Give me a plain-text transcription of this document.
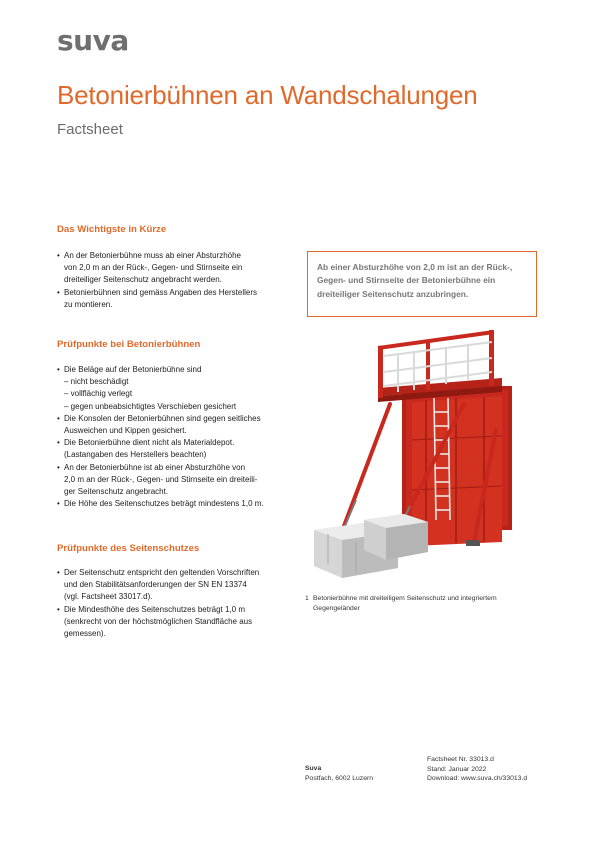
suva
Betonierbühnen an Wandschalungen
Factsheet
Das Wichtigste in Kürze
• An der Betonierbühne muss ab einer Absturzhöhe
von 2,0 m an der Rück-, Gegen- und Stirnseite ein
dreiteiliger Seitenschutz angebracht werden.
• Betonierbühnen sind gemäss Angaben des Herstellers
zu montieren.
Prüfpunkte bei Betonierbühnen
• Die Beläge auf der Betonierbühne sind
– nicht beschädigt
– vollflächig verlegt
– gegen unbeabsichtigtes Verschieben gesichert
• Die Konsolen der Betonierbühnen sind gegen seitliches
Ausweichen und Kippen gesichert.
• Die Betonierbühne dient nicht als Materialdepot.
(Lastangaben des Herstellers beachten)
• An der Betonierbühne ist ab einer Absturzhöhe von
2,0 m an der Rück-, Gegen- und Stirnseite ein dreiteili-
ger Seitenschutz angebracht.
• Die Höhe des Seitenschutzes beträgt mindestens 1,0 m.
Prüfpunkte des Seitenschutzes
• Der Seitenschutz entspricht den geltenden Vorschriften
und den Stabilitätsanforderungen der SN EN 13374
(vgl. Factsheet 33017.d).
• Die Mindesthöhe des Seitenschutzes beträgt 1,0 m
(senkrecht von der höchstmöglichen Standfläche aus
gemessen).
Ab einer Absturzhöhe von 2,0 m ist an der Rück-, Gegen- und Stirnseite der Betonierbühne ein dreiteiliger Seitenschutz anzubringen.
1 Betonierbühne mit dreiteiligem Seitenschutz und integriertem Gegengeländer
Suva
Postfach, 6002 Luzern
Factsheet Nr. 33013.d
Stand: Januar 2022
Download: www.suva.ch/33013.d
